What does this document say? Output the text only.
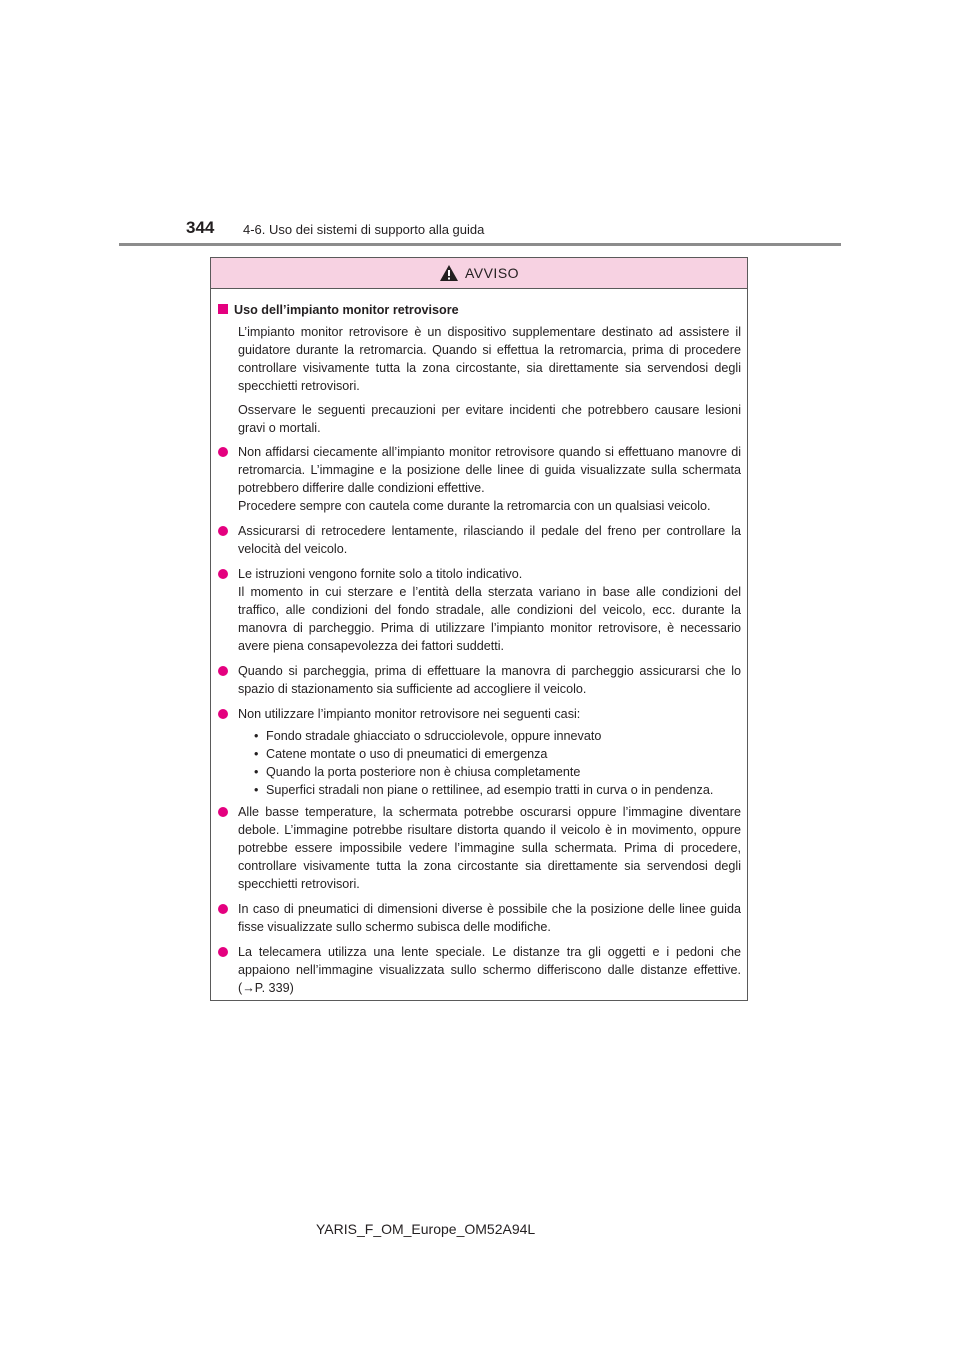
344 4-6. Uso dei sistemi di supporto alla guida
AVVISO
Uso dell’impianto monitor retrovisore

L’impianto monitor retrovisore è un dispositivo supplementare destinato ad assistere il guidatore durante la retromarcia. Quando si effettua la retromarcia, prima di procedere controllare visivamente tutta la zona circostante, sia direttamente sia servendosi degli specchietti retrovisori.

Osservare le seguenti precauzioni per evitare incidenti che potrebbero causare lesioni gravi o mortali.

Non affidarsi ciecamente all’impianto monitor retrovisore quando si effettuano manovre di retromarcia. L’immagine e la posizione delle linee di guida visualizzate sulla schermata potrebbero differire dalle condizioni effettive.
Procedere sempre con cautela come durante la retromarcia con un qualsiasi veicolo.
Assicurarsi di retrocedere lentamente, rilasciando il pedale del freno per controllare la velocità del veicolo.
Le istruzioni vengono fornite solo a titolo indicativo.
Il momento in cui sterzare e l’entità della sterzata variano in base alle condizioni del traffico, alle condizioni del fondo stradale, alle condizioni del veicolo, ecc. durante la manovra di parcheggio. Prima di utilizzare l’impianto monitor retrovisore, è necessario avere piena consapevolezza dei fattori suddetti.
Quando si parcheggia, prima di effettuare la manovra di parcheggio assicurarsi che lo spazio di stazionamento sia sufficiente ad accogliere il veicolo.
Non utilizzare l’impianto monitor retrovisore nei seguenti casi:
• Fondo stradale ghiacciato o sdrucciolevole, oppure innevato
• Catene montate o uso di pneumatici di emergenza
• Quando la porta posteriore non è chiusa completamente
• Superfici stradali non piane o rettilinee, ad esempio tratti in curva o in pendenza.
Alle basse temperature, la schermata potrebbe oscurarsi oppure l’immagine diventare debole. L’immagine potrebbe risultare distorta quando il veicolo è in movimento, oppure potrebbe essere impossibile vedere l’immagine sulla schermata. Prima di procedere, controllare visivamente tutta la zona circostante sia direttamente sia servendosi degli specchietti retrovisori.
In caso di pneumatici di dimensioni diverse è possibile che la posizione delle linee guida fisse visualizzate sullo schermo subisca delle modifiche.
La telecamera utilizza una lente speciale. Le distanze tra gli oggetti e i pedoni che appaiono nell’immagine visualizzata sullo schermo differiscono dalle distanze effettive. (→P. 339)
YARIS_F_OM_Europe_OM52A94L
